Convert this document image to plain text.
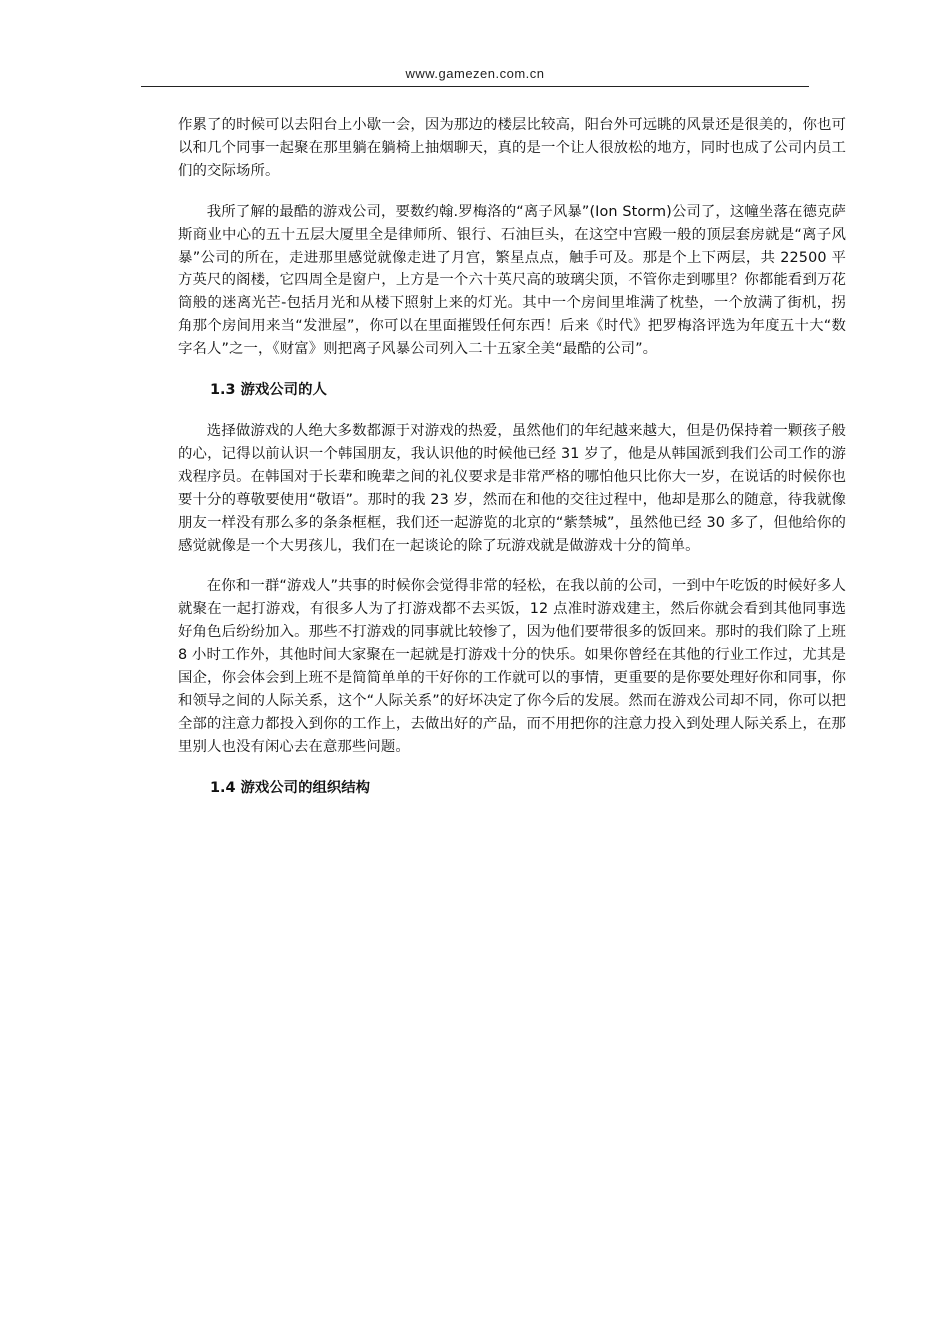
www.gamezen.com.cn

作累了的时候可以去阳台上小歇一会，因为那边的楼层比较高，阳台外可远眺的风景还是很美的，你也可以和几个同事一起聚在那里躺在躺椅上抽烟聊天，真的是一个让人很放松的地方，同时也成了公司内员工们的交际场所。

我所了解的最酷的游戏公司，要数约翰.罗梅洛的“离子风暴”(Ion Storm)公司了，这幢坐落在德克萨斯商业中心的五十五层大厦里全是律师所、银行、石油巨头，在这空中宫殿一般的顶层套房就是“离子风暴”公司的所在，走进那里感觉就像走进了月宫，繁星点点，触手可及。那是个上下两层，共 22500 平方英尺的阁楼，它四周全是窗户，上方是一个六十英尺高的玻璃尖顶，不管你走到哪里？你都能看到万花筒般的迷离光芒-包括月光和从楼下照射上来的灯光。其中一个房间里堆满了枕垫，一个放满了街机，拐角那个房间用来当“发泄屋”，你可以在里面摧毁任何东西！后来《时代》把罗梅洛评选为年度五十大“数字名人”之一，《财富》则把离子风暴公司列入二十五家全美“最酷的公司”。

1.3 游戏公司的人

选择做游戏的人绝大多数都源于对游戏的热爱，虽然他们的年纪越来越大，但是仍保持着一颗孩子般的心，记得以前认识一个韩国朋友，我认识他的时候他已经 31 岁了，他是从韩国派到我们公司工作的游戏程序员。在韩国对于长辈和晚辈之间的礼仪要求是非常严格的哪怕他只比你大一岁，在说话的时候你也要十分的尊敬要使用“敬语”。那时的我 23 岁，然而在和他的交往过程中，他却是那么的随意，待我就像朋友一样没有那么多的条条框框，我们还一起游览的北京的“紫禁城”，虽然他已经 30 多了，但他给你的感觉就像是一个大男孩儿，我们在一起谈论的除了玩游戏就是做游戏十分的简单。

在你和一群“游戏人”共事的时候你会觉得非常的轻松，在我以前的公司，一到中午吃饭的时候好多人就聚在一起打游戏，有很多人为了打游戏都不去买饭，12 点准时游戏建主，然后你就会看到其他同事选好角色后纷纷加入。那些不打游戏的同事就比较惨了，因为他们要带很多的饭回来。那时的我们除了上班 8 小时工作外，其他时间大家聚在一起就是打游戏十分的快乐。如果你曾经在其他的行业工作过，尤其是国企，你会体会到上班不是简简单单的干好你的工作就可以的事情，更重要的是你要处理好你和同事，你和领导之间的人际关系，这个“人际关系”的好坏决定了你今后的发展。然而在游戏公司却不同，你可以把全部的注意力都投入到你的工作上，去做出好的产品，而不用把你的注意力投入到处理人际关系上，在那里别人也没有闲心去在意那些问题。

1.4 游戏公司的组织结构
